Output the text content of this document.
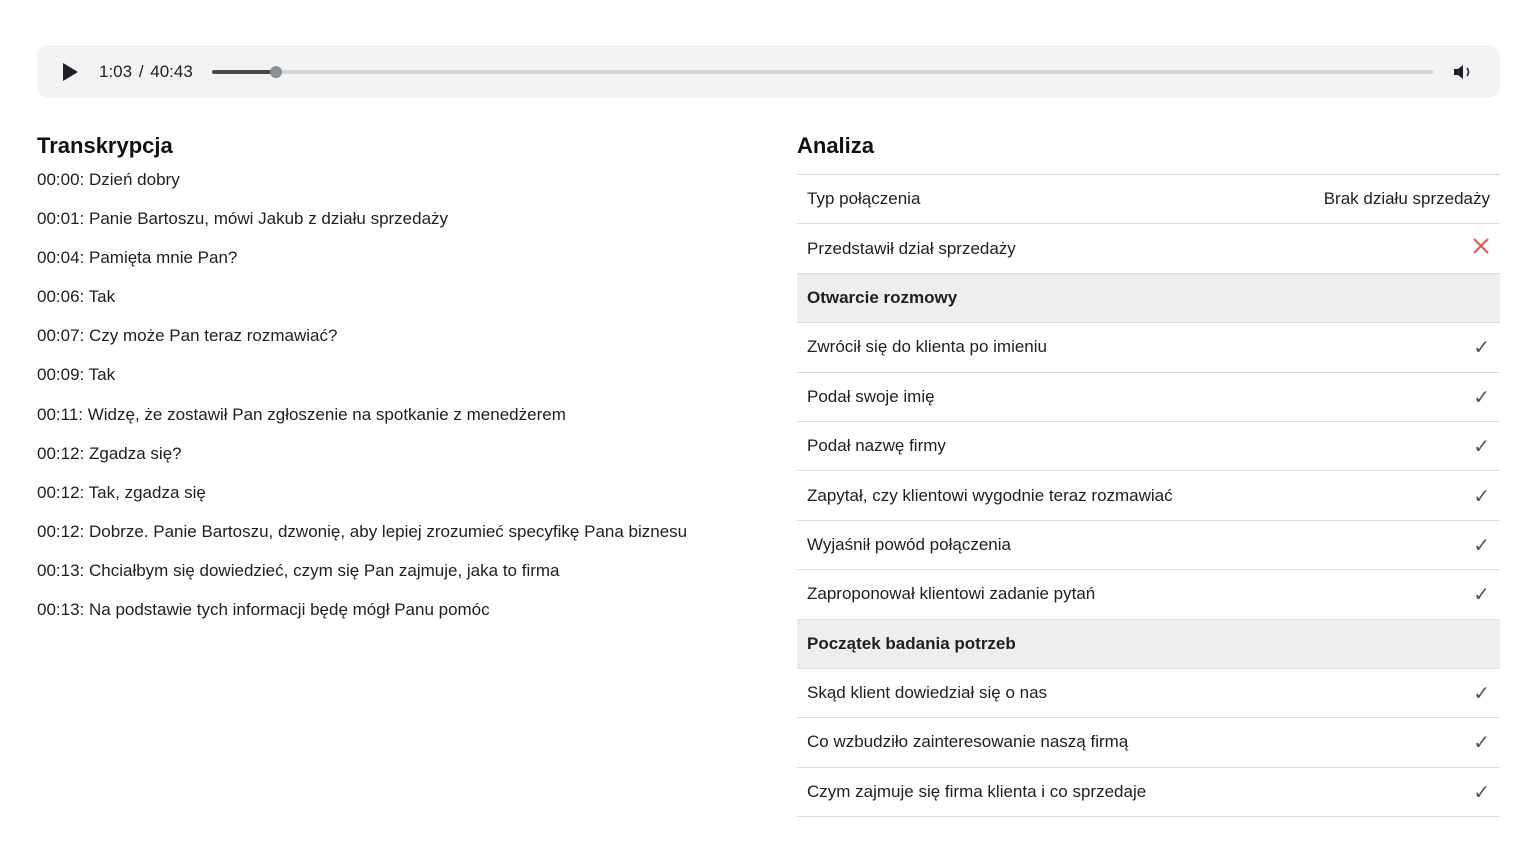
1:03 / 40:43
Transkrypcja
00:00: Dzień dobry
00:01: Panie Bartoszu, mówi Jakub z działu sprzedaży
00:04: Pamięta mnie Pan?
00:06: Tak
00:07: Czy może Pan teraz rozmawiać?
00:09: Tak
00:11: Widzę, że zostawił Pan zgłoszenie na spotkanie z menedżerem
00:12: Zgadza się?
00:12: Tak, zgadza się
00:12: Dobrze. Panie Bartoszu, dzwonię, aby lepiej zrozumieć specyfikę Pana biznesu
00:13: Chciałbym się dowiedzieć, czym się Pan zajmuje, jaka to firma
00:13: Na podstawie tych informacji będę mógł Panu pomóc
Analiza
Typ połączenia	Brak działu sprzedaży
Przedstawił dział sprzedaży
Otwarcie rozmowy
Zwrócił się do klienta po imieniu	✓
Podał swoje imię	✓
Podał nazwę firmy	✓
Zapytał, czy klientowi wygodnie teraz rozmawiać	✓
Wyjaśnił powód połączenia	✓
Zaproponował klientowi zadanie pytań	✓
Początek badania potrzeb
Skąd klient dowiedział się o nas	✓
Co wzbudziło zainteresowanie naszą firmą	✓
Czym zajmuje się firma klienta i co sprzedaje	✓
